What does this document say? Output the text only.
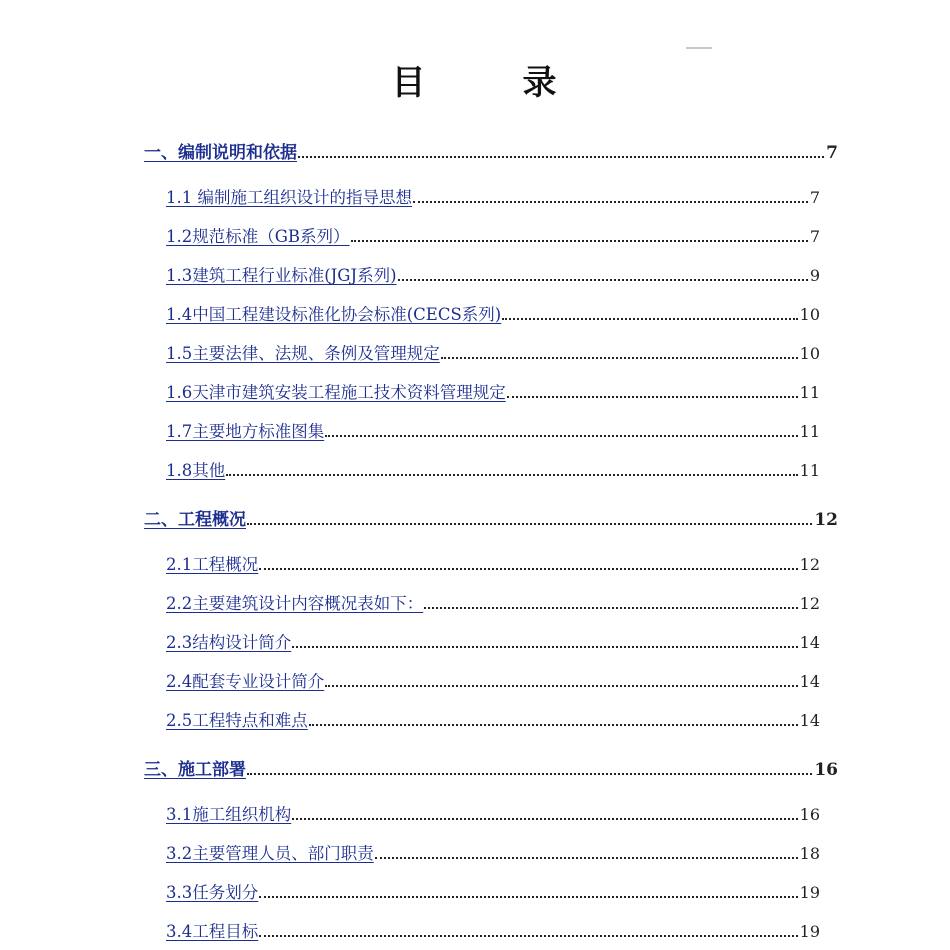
目	录
一、编制说明和依据	7
1.1 编制施工组织设计的指导思想	7
1.2规范标准（GB系列）	7
1.3建筑工程行业标准(JGJ系列)	9
1.4中国工程建设标准化协会标准(CECS系列)	10
1.5主要法律、法规、条例及管理规定	10
1.6天津市建筑安装工程施工技术资料管理规定	11
1.7主要地方标准图集	11
1.8其他	11
二、工程概况	12
2.1工程概况	12
2.2主要建筑设计内容概况表如下：	12
2.3结构设计简介	14
2.4配套专业设计简介	14
2.5工程特点和难点	14
三、施工部署	16
3.1施工组织机构	16
3.2主要管理人员、部门职责	18
3.3任务划分	19
3.4工程目标	19
